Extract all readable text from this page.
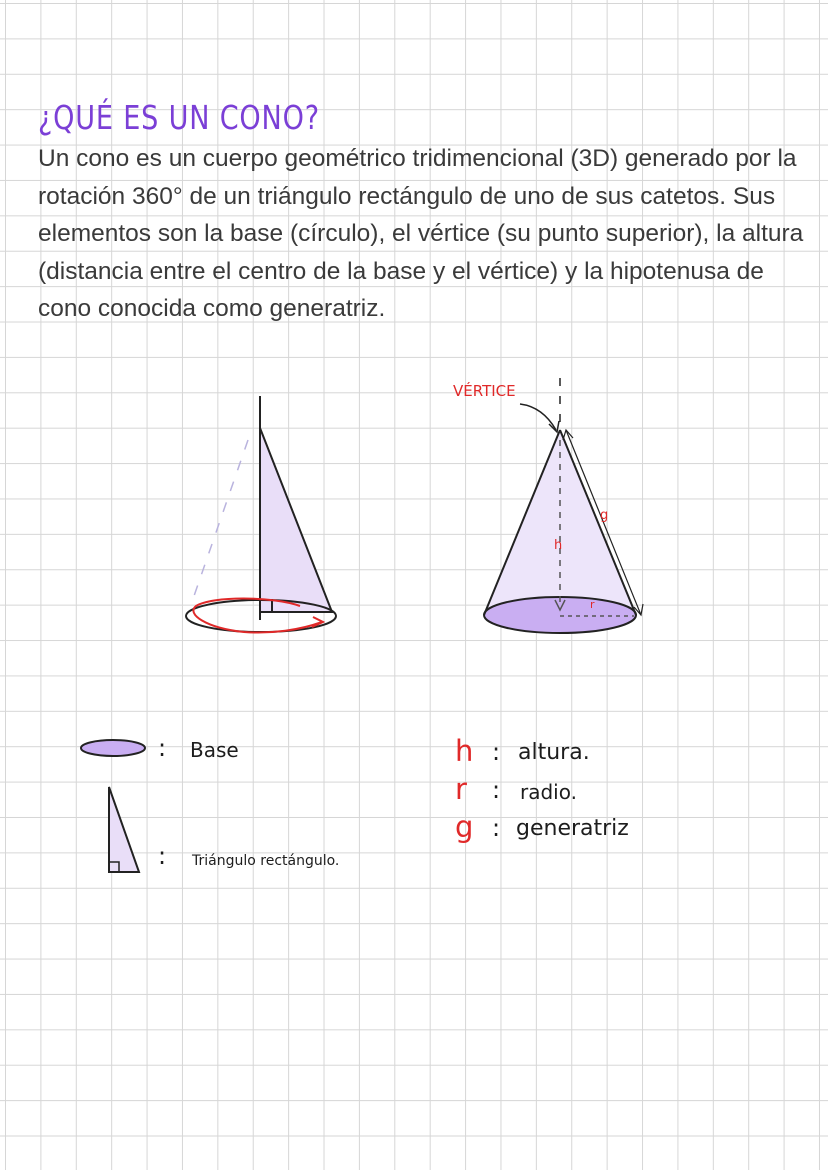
¿QUÉ ES UN CONO?

Un cono es un cuerpo geométrico tridimencional (3D) generado por la rotación 360° de un triángulo rectángulo de uno de sus catetos. Sus elementos son la base (círculo), el vértice (su punto superior), la altura (distancia entre el centro de la base y el vértice) y la hipotenusa de cono conocida como generatriz.

VÉRTICE
g
h
r
: Base
: Triángulo rectángulo.
h : altura.
r : radio.
g : generatriz
